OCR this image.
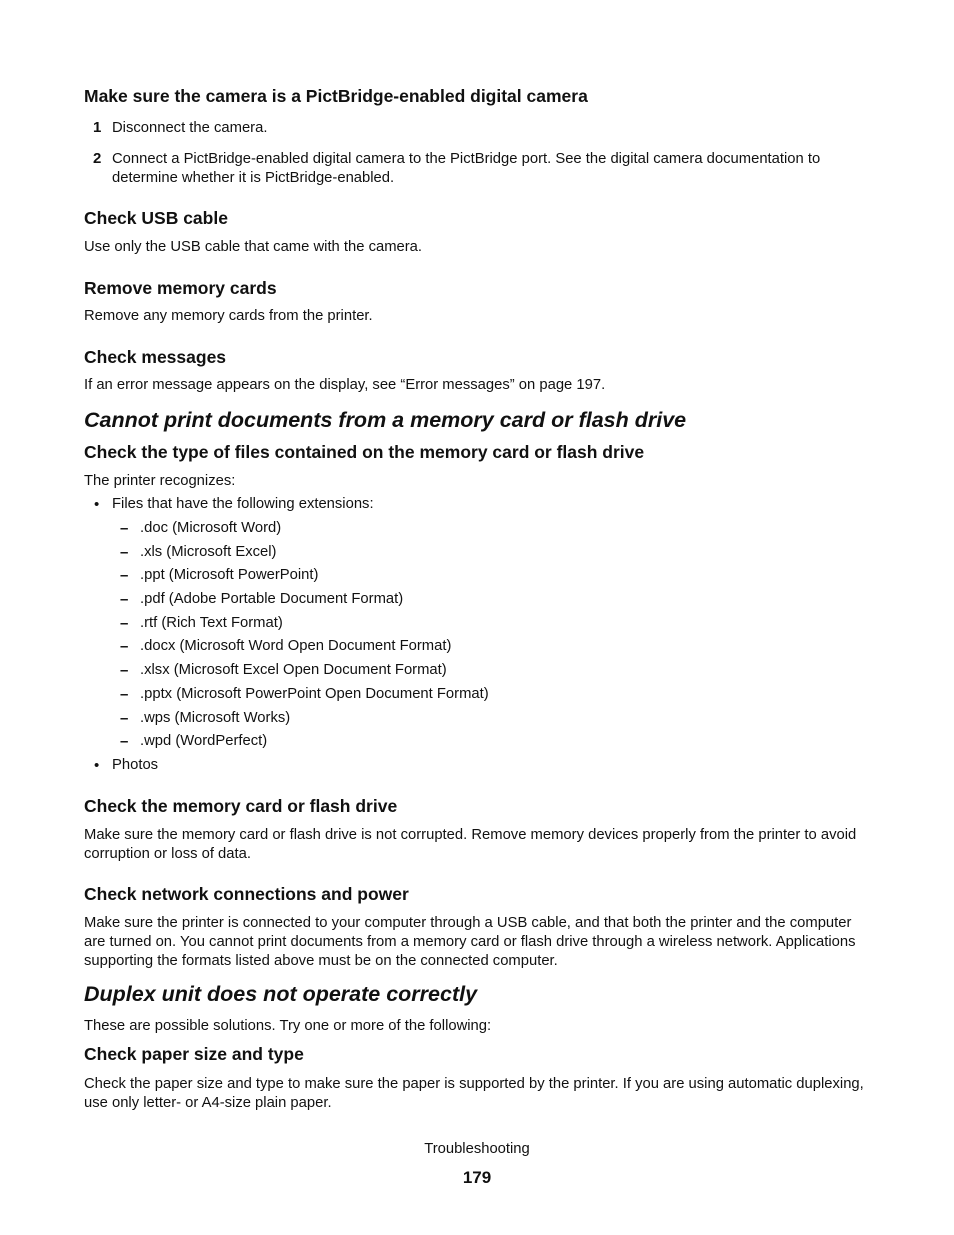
Make sure the camera is a PictBridge-enabled digital camera
1 Disconnect the camera.
2 Connect a PictBridge-enabled digital camera to the PictBridge port. See the digital camera documentation to determine whether it is PictBridge-enabled.
Check USB cable
Use only the USB cable that came with the camera.
Remove memory cards
Remove any memory cards from the printer.
Check messages
If an error message appears on the display, see “Error messages” on page 197.
Cannot print documents from a memory card or flash drive
Check the type of files contained on the memory card or flash drive
The printer recognizes:
• Files that have the following extensions:
– .doc (Microsoft Word)
– .xls (Microsoft Excel)
– .ppt (Microsoft PowerPoint)
– .pdf (Adobe Portable Document Format)
– .rtf (Rich Text Format)
– .docx (Microsoft Word Open Document Format)
– .xlsx (Microsoft Excel Open Document Format)
– .pptx (Microsoft PowerPoint Open Document Format)
– .wps (Microsoft Works)
– .wpd (WordPerfect)
• Photos
Check the memory card or flash drive
Make sure the memory card or flash drive is not corrupted. Remove memory devices properly from the printer to avoid corruption or loss of data.
Check network connections and power
Make sure the printer is connected to your computer through a USB cable, and that both the printer and the computer are turned on. You cannot print documents from a memory card or flash drive through a wireless network. Applications supporting the formats listed above must be on the connected computer.
Duplex unit does not operate correctly
These are possible solutions. Try one or more of the following:
Check paper size and type
Check the paper size and type to make sure the paper is supported by the printer. If you are using automatic duplexing, use only letter- or A4-size plain paper.
Troubleshooting
179
